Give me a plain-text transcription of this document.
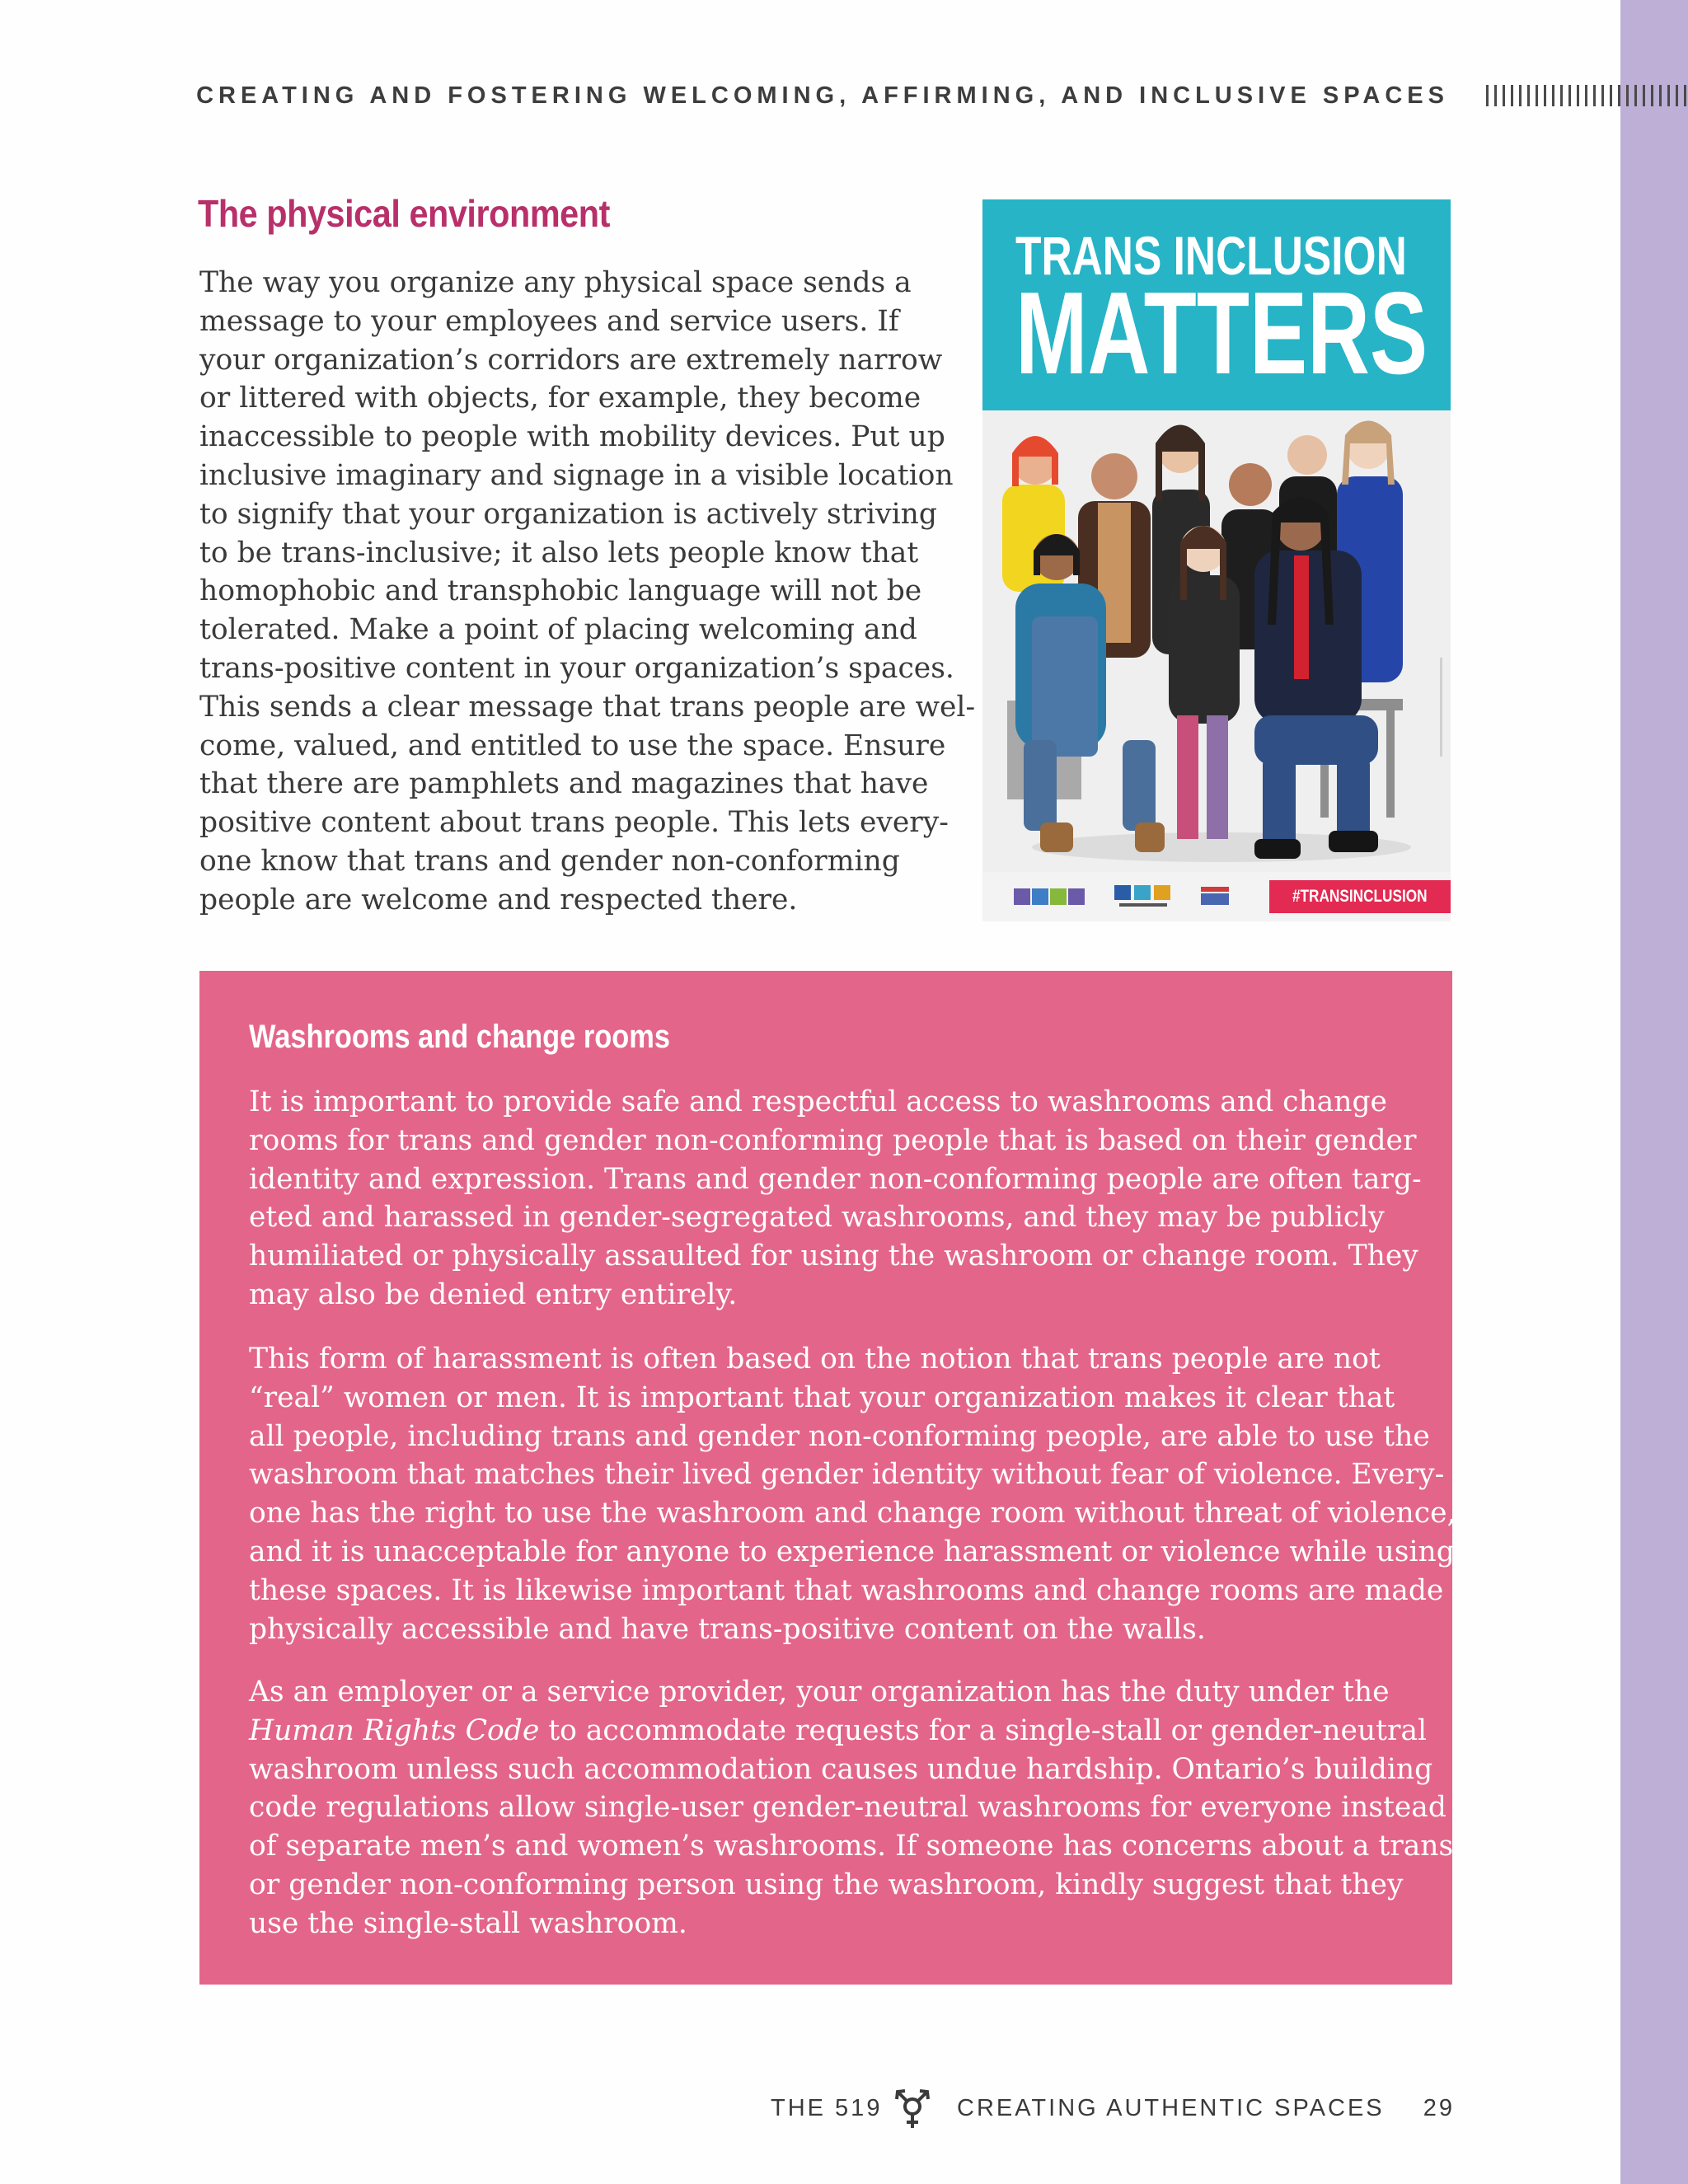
CREATING AND FOSTERING WELCOMING, AFFIRMING, AND INCLUSIVE SPACES
The physical environment

The way you organize any physical space sends a
message to your employees and service users. If
your organization’s corridors are extremely narrow
or littered with objects, for example, they become
inaccessible to people with mobility devices. Put up
inclusive imaginary and signage in a visible location
to signify that your organization is actively striving
to be trans-inclusive; it also lets people know that
homophobic and transphobic language will not be
tolerated. Make a point of placing welcoming and
trans-positive content in your organization’s spaces.
This sends a clear message that trans people are wel-
come, valued, and entitled to use the space. Ensure
that there are pamphlets and magazines that have
positive content about trans people. This lets every-
one know that trans and gender non-conforming
people are welcome and respected there.

TRANS INCLUSION
MATTERS
#TRANSINCLUSION
Washrooms and change rooms

It is important to provide safe and respectful access to washrooms and change
rooms for trans and gender non-conforming people that is based on their gender
identity and expression. Trans and gender non-conforming people are often targ-
eted and harassed in gender-segregated washrooms, and they may be publicly
humiliated or physically assaulted for using the washroom or change room. They
may also be denied entry entirely.

This form of harassment is often based on the notion that trans people are not
“real” women or men. It is important that your organization makes it clear that
all people, including trans and gender non-conforming people, are able to use the
washroom that matches their lived gender identity without fear of violence. Every-
one has the right to use the washroom and change room without threat of violence,
and it is unacceptable for anyone to experience harassment or violence while using
these spaces. It is likewise important that washrooms and change rooms are made
physically accessible and have trans-positive content on the walls.

As an employer or a service provider, your organization has the duty under the
Human Rights Code to accommodate requests for a single-stall or gender-neutral
washroom unless such accommodation causes undue hardship. Ontario’s building
code regulations allow single-user gender-neutral washrooms for everyone instead
of separate men’s and women’s washrooms. If someone has concerns about a trans
or gender non-conforming person using the washroom, kindly suggest that they
use the single-stall washroom.

THE 519	CREATING AUTHENTIC SPACES 29
